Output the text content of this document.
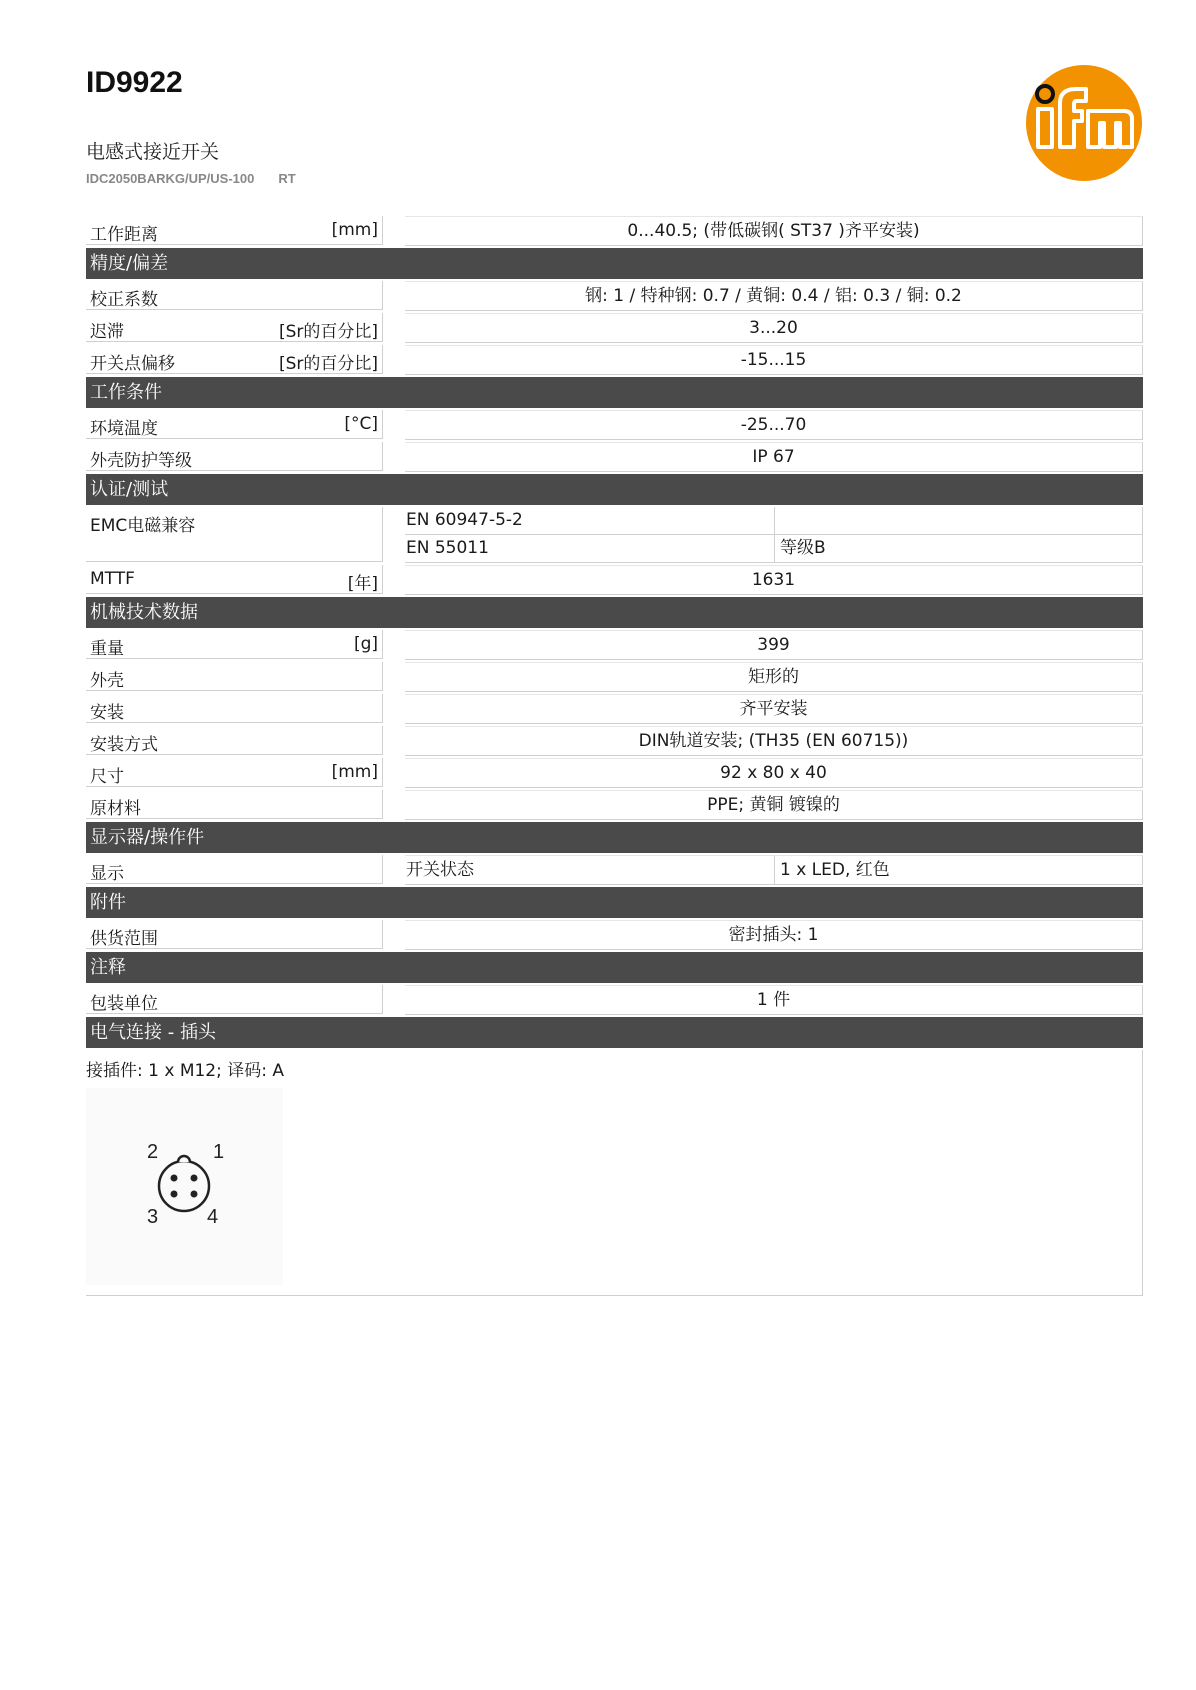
ID9922
电感式接近开关
IDC2050BARKG/UP/US-100 RT
工作距离	[mm]	0...40.5; (带低碳钢( ST37 )齐平安装)
精度/偏差
校正系数	钢: 1 / 特种钢: 0.7 / 黄铜: 0.4 / 铝: 0.3 / 铜: 0.2
迟滞	[Sr的百分比]	3...20
开关点偏移	[Sr的百分比]	-15...15
工作条件
环境温度	[°C]	-25...70
外壳防护等级	IP 67
认证/测试
EMC电磁兼容	EN 60947-5-2
EN 55011	等级B
MTTF	[年]	1631
机械技术数据
重量	[g]	399
外壳	矩形的
安装	齐平安装
安装方式	DIN轨道安装; (TH35 (EN 60715))
尺寸	[mm]	92 x 80 x 40
原材料	PPE; 黄铜 镀镍的
显示器/操作件
显示	开关状态	1 x LED, 红色
附件
供货范围	密封插头: 1
注释
包装单位	1 件
电气连接 - 插头
接插件: 1 x M12; 译码: A
1
2
3 4
